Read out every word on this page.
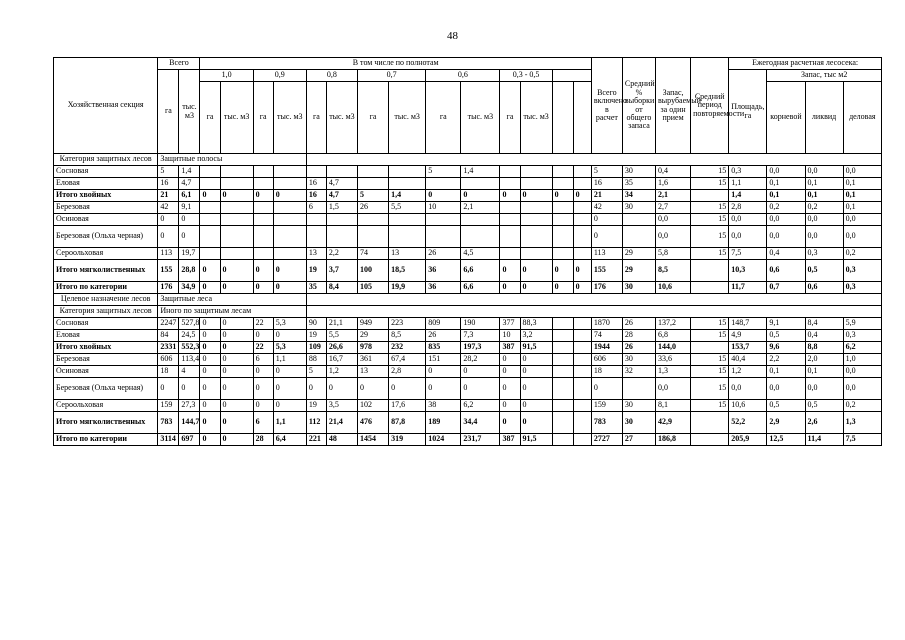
48
Хозяйственная секция	Всего		В том числе по полнотам														Всего включено в расчет	Средний % выборки от общего запаса	Запас, вырубаемый за один прием	Средний период повторяемости	Ежегодная расчетная лесосека:			
	га	тыс. м3	1,0		0,9		0,8		0,7		0,6		0,3 - 0,5								Площадь, га	Запас, тыс м2		
			га	тыс. м3	га	тыс. м3	га	тыс. м3	га	тыс. м3	га	тыс. м3	га	тыс. м3								корневой	ликвид	деловая
Категория защитных лесов	Защитные полосы																							
Сосновая	5	1,4									5	1,4					5	30	0,4	15	0,3	0,0	0,0	0,0
Еловая	16	4,7					16	4,7									16	35	1,6	15	1,1	0,1	0,1	0,1
Итого хвойных	21	6,1	0	0	0	0	16	4,7	5	1,4	0	0	0	0	0	0	21	34	2,1		1,4	0,1	0,1	0,1
Березовая	42	9,1					6	1,5	26	5,5	10	2,1					42	30	2,7	15	2,8	0,2	0,2	0,1
Осиновая	0	0															0		0,0	15	0,0	0,0	0,0	0,0
Березовая (Ольха черная)	0	0															0		0,0	15	0,0	0,0	0,0	0,0
Сероольховая	113	19,7					13	2,2	74	13	26	4,5					113	29	5,8	15	7,5	0,4	0,3	0,2
Итого мягколиственных	155	28,8	0	0	0	0	19	3,7	100	18,5	36	6,6	0	0	0	0	155	29	8,5		10,3	0,6	0,5	0,3
Итого по категории	176	34,9	0	0	0	0	35	8,4	105	19,9	36	6,6	0	0	0	0	176	30	10,6		11,7	0,7	0,6	0,3
Целевое назначение лесов	Защитные леса																							
Категория защитных лесов	Иного по защитным лесам																							
Сосновая	2247	527,8	0	0	22	5,3	90	21,1	949	223	809	190	377	88,3			1870	26	137,2	15	148,7	9,1	8,4	5,9
Еловая	84	24,5	0	0	0	0	19	5,5	29	8,5	26	7,3	10	3,2			74	28	6,8	15	4,9	0,5	0,4	0,3
Итого хвойных	2331	552,3	0	0	22	5,3	109	26,6	978	232	835	197,3	387	91,5			1944	26	144,0		153,7	9,6	8,8	6,2
Березовая	606	113,4	0	0	6	1,1	88	16,7	361	67,4	151	28,2	0	0			606	30	33,6	15	40,4	2,2	2,0	1,0
Осиновая	18	4	0	0	0	0	5	1,2	13	2,8	0	0	0	0			18	32	1,3	15	1,2	0,1	0,1	0,0
Березовая (Ольха черная)	0	0	0	0	0	0	0	0	0	0	0	0	0	0			0		0,0	15	0,0	0,0	0,0	0,0
Сероольховая	159	27,3	0	0	0	0	19	3,5	102	17,6	38	6,2	0	0			159	30	8,1	15	10,6	0,5	0,5	0,2
Итого мягколиственных	783	144,7	0	0	6	1,1	112	21,4	476	87,8	189	34,4	0	0			783	30	42,9		52,2	2,9	2,6	1,3
Итого по категории	3114	697	0	0	28	6,4	221	48	1454	319	1024	231,7	387	91,5			2727	27	186,8		205,9	12,5	11,4	7,5
